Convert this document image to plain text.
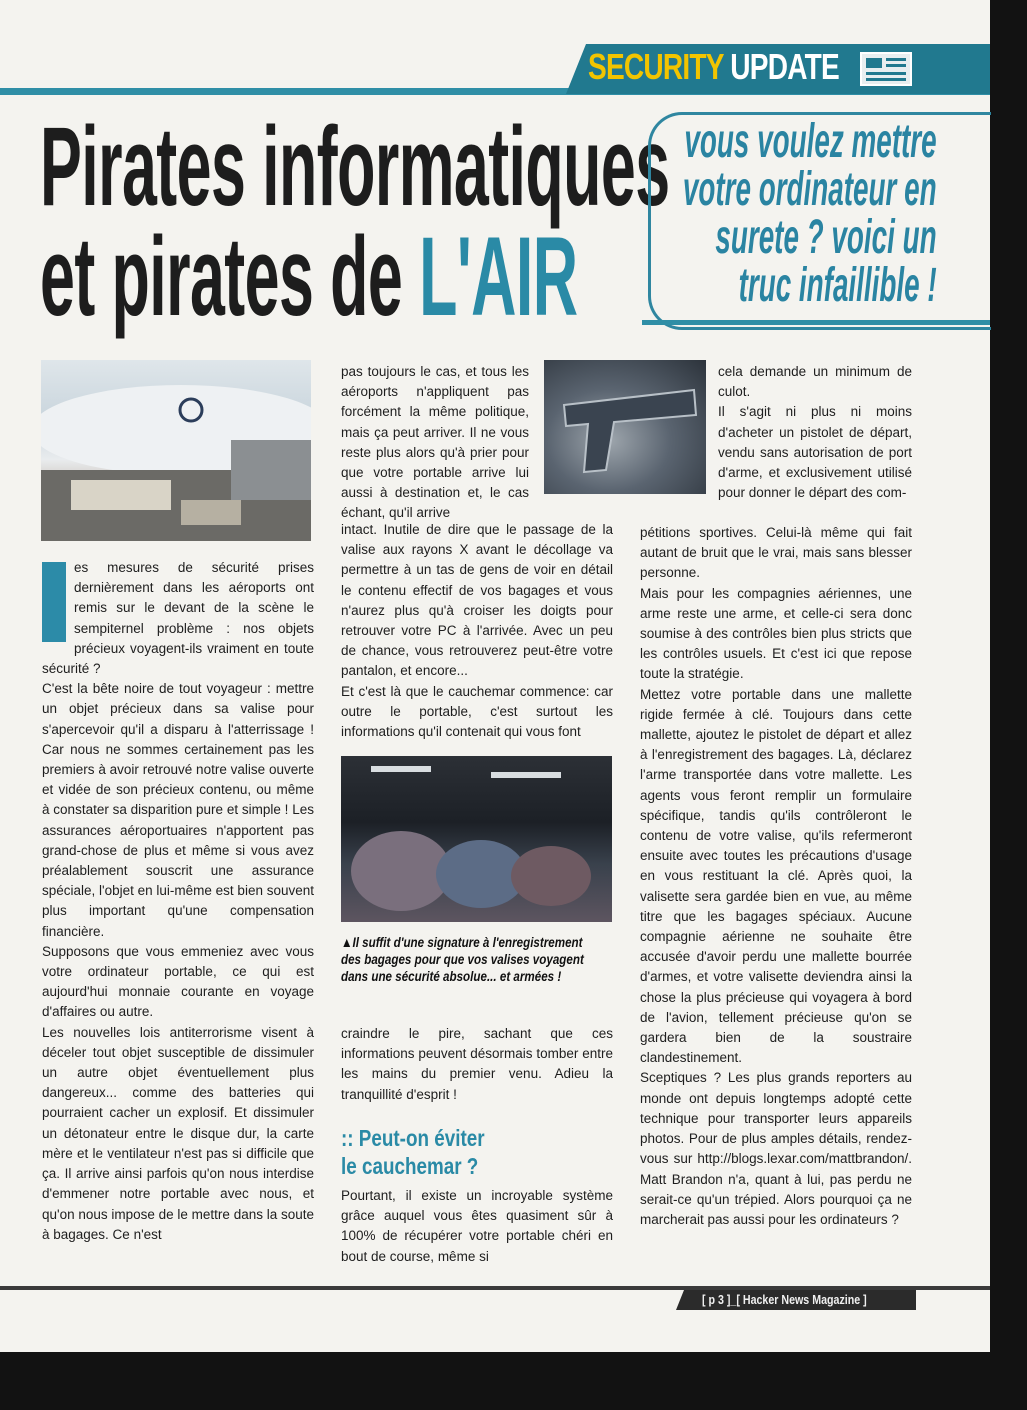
SECURITY UPDATE
Pirates informatiques
et pirates de L'AIR
vous voulez mettre votre ordinateur en surete ? voici un truc infaillible !
▲Il suffit d'une signature à l'enregistrement des bagages pour que vos valises voyagent dans une sécurité absolue... et armées !

es mesures de sécurité prises dernièrement dans les aéroports ont remis sur le devant de la scène le sempiternel problème : nos objets précieux voyagent-ils vraiment en toute sécurité ?

C'est la bête noire de tout voyageur : mettre un objet précieux dans sa valise pour s'apercevoir qu'il a disparu à l'atterrissage ! Car nous ne sommes certainement pas les premiers à avoir retrouvé notre valise ouverte et vidée de son précieux contenu, ou même à constater sa disparition pure et simple ! Les assurances aéroportuaires n'apportent pas grand-chose de plus et même si vous avez préalablement souscrit une assurance spéciale, l'objet en lui-même est bien souvent plus important qu'une compensation financière.

Supposons que vous emmeniez avec vous votre ordinateur portable, ce qui est aujourd'hui monnaie courante en voyage d'affaires ou autre.

Les nouvelles lois antiterrorisme visent à déceler tout objet susceptible de dissimuler un autre objet éventuellement plus dangereux... comme des batteries qui pourraient cacher un explosif. Et dissimuler un détonateur entre le disque dur, la carte mère et le ventilateur n'est pas si difficile que ça. Il arrive ainsi parfois qu'on nous interdise d'emmener notre portable avec nous, et qu'on nous impose de le mettre dans la soute à bagages. Ce n'est

pas toujours le cas, et tous les aéroports n'appliquent pas forcément la même politique, mais ça peut arriver. Il ne vous reste plus alors qu'à prier pour que votre portable arrive lui aussi à destination et, le cas échant, qu'il arrive

intact. Inutile de dire que le passage de la valise aux rayons X avant le décollage va permettre à un tas de gens de voir en détail le contenu effectif de vos bagages et vous n'aurez plus qu'à croiser les doigts pour retrouver votre PC à l'arrivée. Avec un peu de chance, vous retrouverez peut-être votre pantalon, et encore...

Et c'est là que le cauchemar commence: car outre le portable, c'est surtout les informations qu'il contenait qui vous font

craindre le pire, sachant que ces informations peuvent désormais tomber entre les mains du premier venu. Adieu la tranquillité d'esprit !

:: Peut-on éviter
le cauchemar ?

Pourtant, il existe un incroyable système grâce auquel vous êtes quasiment sûr à 100% de récupérer votre portable chéri en bout de course, même si

cela demande un minimum de culot.

Il s'agit ni plus ni moins d'acheter un pistolet de départ, vendu sans autorisation de port d'arme, et exclusivement utilisé pour donner le départ des com-

pétitions sportives. Celui-là même qui fait autant de bruit que le vrai, mais sans blesser personne.

Mais pour les compagnies aériennes, une arme reste une arme, et celle-ci sera donc soumise à des contrôles bien plus stricts que les contrôles usuels. Et c'est ici que repose toute la stratégie.

Mettez votre portable dans une mallette rigide fermée à clé. Toujours dans cette mallette, ajoutez le pistolet de départ et allez à l'enregistrement des bagages. Là, déclarez l'arme transportée dans votre mallette. Les agents vous feront remplir un formulaire spécifique, tandis qu'ils contrôleront le contenu de votre valise, qu'ils refermeront ensuite avec toutes les précautions d'usage en vous restituant la clé. Après quoi, la valisette sera gardée bien en vue, au même titre que les bagages spéciaux. Aucune compagnie aérienne ne souhaite être accusée d'avoir perdu une mallette bourrée d'armes, et votre valisette deviendra ainsi la chose la plus précieuse qui voyagera à bord de l'avion, tellement précieuse qu'on se gardera bien de la soustraire clandestinement.

Sceptiques ? Les plus grands reporters au monde ont depuis longtemps adopté cette technique pour transporter leurs appareils photos. Pour de plus amples détails, rendez-vous sur http://blogs.lexar.com/mattbrandon/. Matt Brandon n'a, quant à lui, pas perdu ne serait-ce qu'un trépied. Alors pourquoi ça ne marcherait pas aussi pour les ordinateurs ?

[ p 3 ]_[ Hacker News Magazine ]
